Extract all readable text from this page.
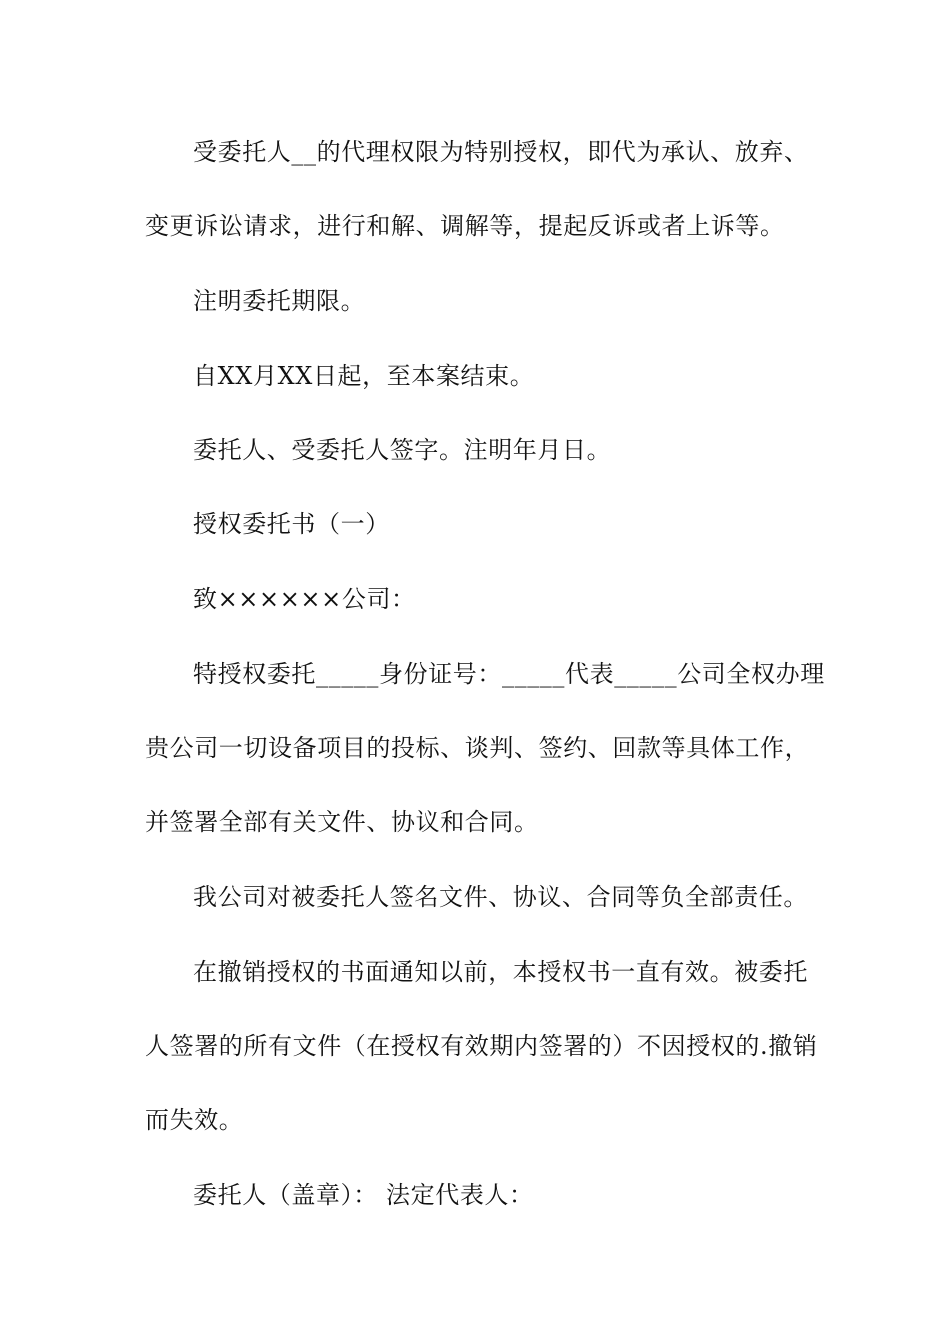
受委托人__的代理权限为特别授权，即代为承认、放弃、
变更诉讼请求，进行和解、调解等，提起反诉或者上诉等。
注明委托期限。
自XX月XX日起，至本案结束。
委托人、受委托人签字。注明年月日。
授权委托书（一）
致××××××公司：
特授权委托_____身份证号：_____代表_____公司全权办理
贵公司一切设备项目的投标、谈判、签约、回款等具体工作，
并签署全部有关文件、协议和合同。
我公司对被委托人签名文件、协议、合同等负全部责任。
在撤销授权的书面通知以前，本授权书一直有效。被委托
人签署的所有文件（在授权有效期内签署的）不因授权的.撤销
而失效。
委托人（盖章）： 法定代表人：
